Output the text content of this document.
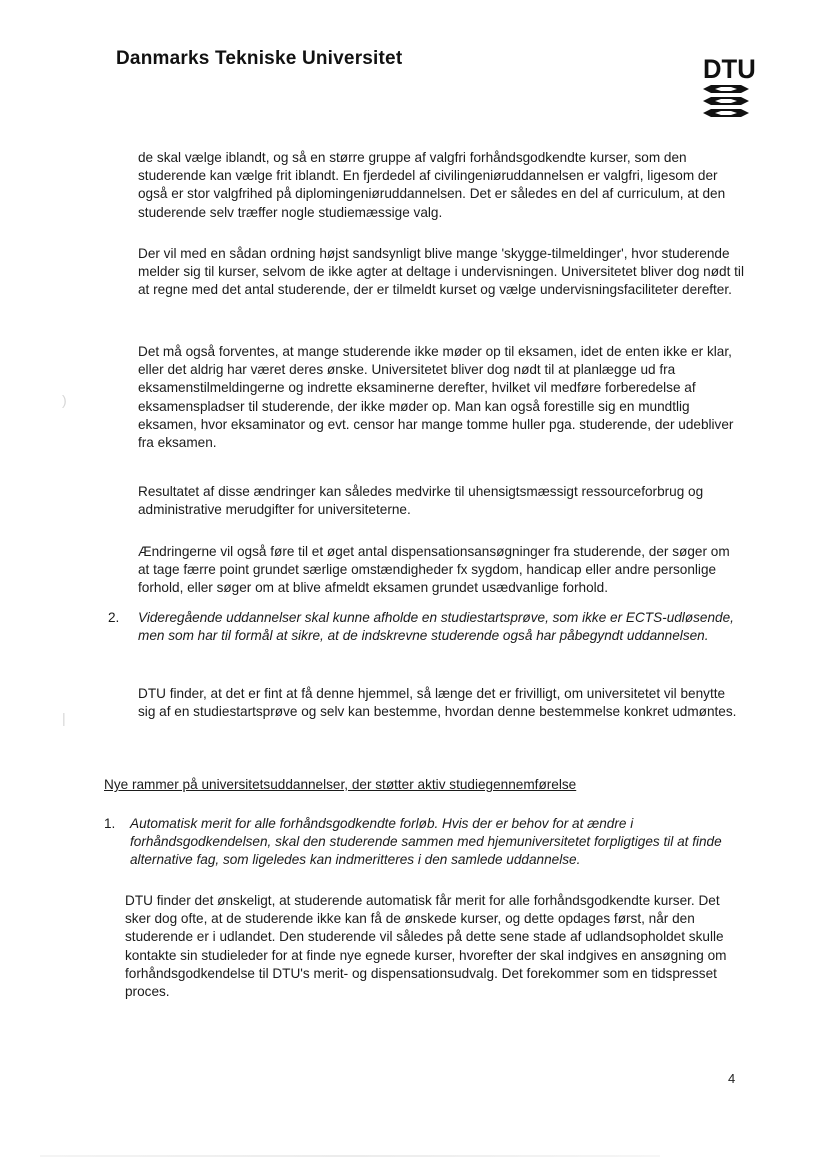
Danmarks Tekniske Universitet	DTU

de skal vælge iblandt, og så en større gruppe af valgfri forhåndsgodkendte kurser, som den studerende kan vælge frit iblandt. En fjerdedel af civilingeniøruddannelsen er valgfri, ligesom der også er stor valgfrihed på diplomingeniøruddannelsen. Det er således en del af curriculum, at den studerende selv træffer nogle studiemæssige valg.

Der vil med en sådan ordning højst sandsynligt blive mange 'skygge-tilmeldinger', hvor studerende melder sig til kurser, selvom de ikke agter at deltage i undervisningen. Universitetet bliver dog nødt til at regne med det antal studerende, der er tilmeldt kurset og vælge undervisningsfaciliteter derefter.

Det må også forventes, at mange studerende ikke møder op til eksamen, idet de enten ikke er klar, eller det aldrig har været deres ønske. Universitetet bliver dog nødt til at planlægge ud fra eksamenstilmeldingerne og indrette eksaminerne derefter, hvilket vil medføre forberedelse af eksamenspladser til studerende, der ikke møder op. Man kan også forestille sig en mundtlig eksamen, hvor eksaminator og evt. censor har mange tomme huller pga. studerende, der udebliver fra eksamen.

Resultatet af disse ændringer kan således medvirke til uhensigtsmæssigt ressourceforbrug og administrative merudgifter for universiteterne.

Ændringerne vil også føre til et øget antal dispensationsansøgninger fra studerende, der søger om at tage færre point grundet særlige omstændigheder fx sygdom, handicap eller andre personlige forhold, eller søger om at blive afmeldt eksamen grundet usædvanlige forhold.

2. Videregående uddannelser skal kunne afholde en studiestartsprøve, som ikke er ECTS-udløsende, men som har til formål at sikre, at de indskrevne studerende også har påbegyndt uddannelsen.

DTU finder, at det er fint at få denne hjemmel, så længe det er frivilligt, om universitetet vil benytte sig af en studiestartsprøve og selv kan bestemme, hvordan denne bestemmelse konkret udmøntes.

Nye rammer på universitetsuddannelser, der støtter aktiv studiegennemførelse
1. Automatisk merit for alle forhåndsgodkendte forløb. Hvis der er behov for at ændre i forhåndsgodkendelsen, skal den studerende sammen med hjemuniversitetet forpligtiges til at finde alternative fag, som ligeledes kan indmeritteres i den samlede uddannelse.

DTU finder det ønskeligt, at studerende automatisk får merit for alle forhåndsgodkendte kurser. Det sker dog ofte, at de studerende ikke kan få de ønskede kurser, og dette opdages først, når den studerende er i udlandet. Den studerende vil således på dette sene stade af udlandsopholdet skulle kontakte sin studieleder for at finde nye egnede kurser, hvorefter der skal indgives en ansøgning om forhåndsgodkendelse til DTU's merit- og dispensationsudvalg. Det forekommer som en tidspresset proces.

4
)
|
